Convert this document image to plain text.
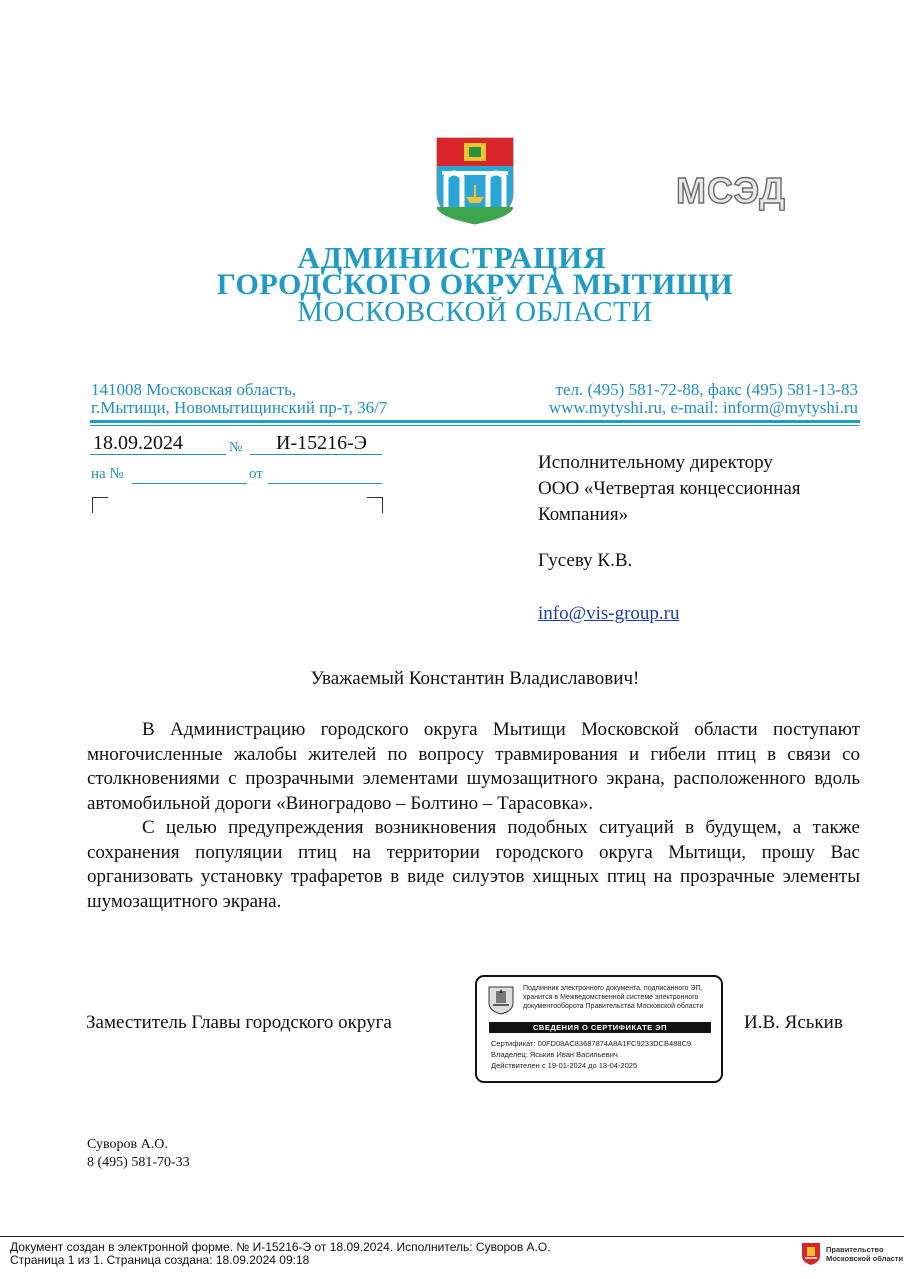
МСЭД
АДМИНИСТРАЦИЯ
ГОРОДСКОГО ОКРУГА МЫТИЩИ
МОСКОВСКОЙ ОБЛАСТИ
141008 Московская область,
г.Мытищи, Новомытищинский пр-т, 36/7
тел. (495) 581-72-88, факс (495) 581-13-83
www.mytyshi.ru, e-mail: inform@mytyshi.ru
18.09.2024	№ И-15216-Э
на №	от
Исполнительному директору
ООО «Четвертая концессионная
Компания»
Гусеву К.В.
info@vis-group.ru
Уважаемый Константин Владиславович!

В Администрацию городского округа Мытищи Московской области поступают многочисленные жалобы жителей по вопросу травмирования и гибели птиц в связи со столкновениями с прозрачными элементами шумозащитного экрана, расположенного вдоль автомобильной дороги «Виноградово – Болтино – Тарасовка».

С целью предупреждения возникновения подобных ситуаций в будущем, а также сохранения популяции птиц на территории городского округа Мытищи, прошу Вас организовать установку трафаретов в виде силуэтов хищных птиц на прозрачные элементы шумозащитного экрана.

Заместитель Главы городского округа	И.В. Яськив
Подлинник электронного документа, подписанного ЭП,
хранится в Межведомственной системе электронного
документооборота Правительства Московской области
СВЕДЕНИЯ О СЕРТИФИКАТЕ ЭП
Сертификат: 00FD08AC83687874A8A1FC9233DCB488C9
Владелец: Яськив Иван Васильевич
Действителен с 19-01-2024 до 13-04-2025
Суворов А.О.
8 (495) 581-70-33
Документ создан в электронной форме. № И-15216-Э от 18.09.2024. Исполнитель: Суворов А.О.
Страница 1 из 1. Страница создана: 18.09.2024 09:18
Правительство
Московской области
